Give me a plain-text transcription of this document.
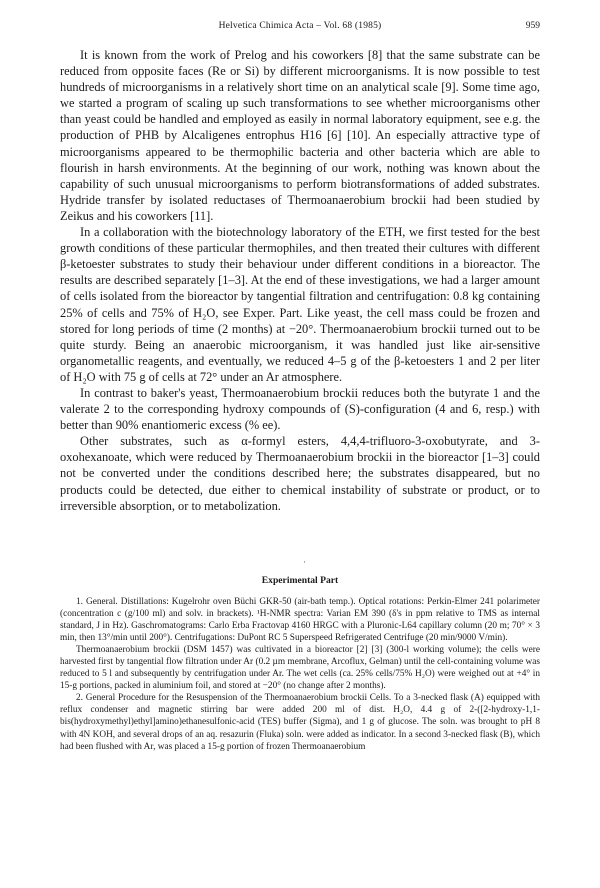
Helvetica Chimica Acta – Vol. 68 (1985)	959

It is known from the work of Prelog and his coworkers [8] that the same substrate can be reduced from opposite faces (Re or Si) by different microorganisms. It is now possible to test hundreds of microorganisms in a relatively short time on an analytical scale [9]. Some time ago, we started a program of scaling up such transformations to see whether microorganisms other than yeast could be handled and employed as easily in normal laboratory equipment, see e.g. the production of PHB by Alcaligenes entrophus H16 [6] [10]. An especially attractive type of microorganisms appeared to be thermophilic bacteria and other bacteria which are able to flourish in harsh environments. At the beginning of our work, nothing was known about the capability of such unusual microorganisms to perform biotransformations of added substrates. Hydride transfer by isolated reductases of Thermoanaerobium brockii had been studied by Zeikus and his coworkers [11].

In a collaboration with the biotechnology laboratory of the ETH, we first tested for the best growth conditions of these particular thermophiles, and then treated their cultures with different β-ketoester substrates to study their behaviour under different conditions in a bioreactor. The results are described separately [1–3]. At the end of these investigations, we had a larger amount of cells isolated from the bioreactor by tangential filtration and centrifugation: 0.8 kg containing 25% of cells and 75% of H₂O, see Exper. Part. Like yeast, the cell mass could be frozen and stored for long periods of time (2 months) at −20°. Thermoanaerobium brockii turned out to be quite sturdy. Being an anaerobic microorganism, it was handled just like air-sensitive organometallic reagents, and eventually, we reduced 4–5 g of the β-ketoesters 1 and 2 per liter of H₂O with 75 g of cells at 72° under an Ar atmosphere.

In contrast to baker's yeast, Thermoanaerobium brockii reduces both the butyrate 1 and the valerate 2 to the corresponding hydroxy compounds of (S)-configuration (4 and 6, resp.) with better than 90% enantiomeric excess (% ee).

Other substrates, such as α-formyl esters, 4,4,4-trifluoro-3-oxobutyrate, and 3-oxohexanoate, which were reduced by Thermoanaerobium brockii in the bioreactor [1–3] could not be converted under the conditions described here; the substrates disappeared, but no products could be detected, due either to chemical instability of substrate or product, or to irreversible absorption, or to metabolization.

·
Experimental Part

1. General. Distillations: Kugelrohr oven Büchi GKR-50 (air-bath temp.). Optical rotations: Perkin-Elmer 241 polarimeter (concentration c (g/100 ml) and solv. in brackets). ¹H-NMR spectra: Varian EM 390 (δ's in ppm relative to TMS as internal standard, J in Hz). Gaschromatograms: Carlo Erba Fractovap 4160 HRGC with a Pluronic-L64 capillary column (20 m; 70° × 3 min, then 13°/min until 200°). Centrifugations: DuPont RC 5 Superspeed Refrigerated Centrifuge (20 min/9000 V/min).

Thermoanaerobium brockii (DSM 1457) was cultivated in a bioreactor [2] [3] (300-l working volume); the cells were harvested first by tangential flow filtration under Ar (0.2 µm membrane, Arcoflux, Gelman) until the cell-containing volume was reduced to 5 l and subsequently by centrifugation under Ar. The wet cells (ca. 25% cells/75% H₂O) were weighed out at +4° in 15-g portions, packed in aluminium foil, and stored at −20° (no change after 2 months).

2. General Procedure for the Resuspension of the Thermoanaerobium brockii Cells. To a 3-necked flask (A) equipped with reflux condenser and magnetic stirring bar were added 200 ml of dist. H₂O, 4.4 g of 2-([2-hydroxy-1,1-bis(hydroxymethyl)ethyl]amino)ethanesulfonic-acid (TES) buffer (Sigma), and 1 g of glucose. The soln. was brought to pH 8 with 4N KOH, and several drops of an aq. resazurin (Fluka) soln. were added as indicator. In a second 3-necked flask (B), which had been flushed with Ar, was placed a 15-g portion of frozen Thermoanaerobium
